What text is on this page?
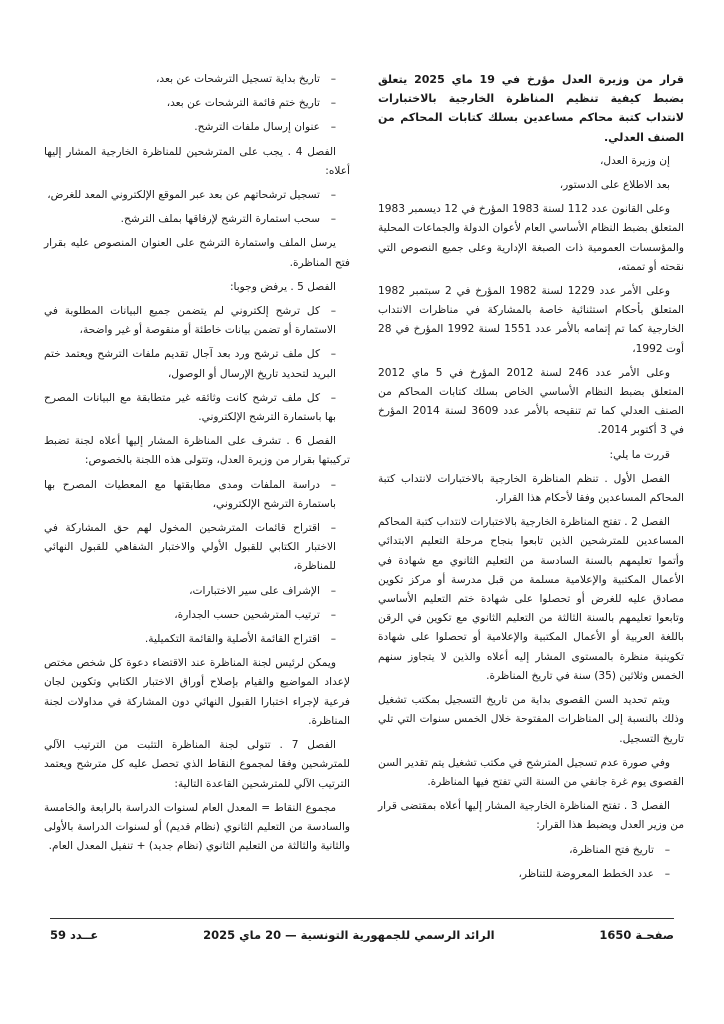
قرار من وزيرة العدل مؤرخ في 19 ماي 2025 يتعلق بضبط كيفية تنظيم المناظرة الخارجية بالاختبارات لانتداب كتبة محاكم مساعدين بسلك كتابات المحاكم من الصنف العدلي.

إن وزيرة العدل،

بعد الاطلاع على الدستور،

وعلى القانون عدد 112 لسنة 1983 المؤرخ في 12 ديسمبر 1983 المتعلق بضبط النظام الأساسي العام لأعوان الدولة والجماعات المحلية والمؤسسات العمومية ذات الصبغة الإدارية وعلى جميع النصوص التي نقحته أو تممته،

وعلى الأمر عدد 1229 لسنة 1982 المؤرخ في 2 سبتمبر 1982 المتعلق بأحكام استثنائية خاصة بالمشاركة في مناظرات الانتداب الخارجية كما تم إتمامه بالأمر عدد 1551 لسنة 1992 المؤرخ في 28 أوت 1992،

وعلى الأمر عدد 246 لسنة 2012 المؤرخ في 5 ماي 2012 المتعلق بضبط النظام الأساسي الخاص بسلك كتابات المحاكم من الصنف العدلي كما تم تنقيحه بالأمر عدد 3609 لسنة 2014 المؤرخ في 3 أكتوبر 2014.

قررت ما يلي:

الفصل الأول . تنظم المناظرة الخارجية بالاختبارات لانتداب كتبة المحاكم المساعدين وفقا لأحكام هذا القرار.

الفصل 2 . تفتح المناظرة الخارجية بالاختبارات لانتداب كتبة المحاكم المساعدين للمترشحين الذين تابعوا بنجاح مرحلة التعليم الابتدائي وأتموا تعليمهم بالسنة السادسة من التعليم الثانوي مع شهادة في الأعمال المكتبية والإعلامية مسلمة من قبل مدرسة أو مركز تكوين مصادق عليه للغرض أو تحصلوا على شهادة ختم التعليم الأساسي وتابعوا تعليمهم بالسنة الثالثة من التعليم الثانوي مع تكوين في الرقن باللغة العربية أو الأعمال المكتبية والإعلامية أو تحصلوا على شهادة تكوينية منظرة بالمستوى المشار إليه أعلاه والذين لا يتجاوز سنهم الخمس وثلاثين (35) سنة في تاريخ المناظرة.

ويتم تحديد السن القصوى بداية من تاريخ التسجيل بمكتب تشغيل وذلك بالنسبة إلى المناظرات المفتوحة خلال الخمس سنوات التي تلي تاريخ التسجيل.

وفي صورة عدم تسجيل المترشح في مكتب تشغيل يتم تقدير السن القصوى يوم غرة جانفي من السنة التي تفتح فيها المناظرة.

الفصل 3 . تفتح المناظرة الخارجية المشار إليها أعلاه بمقتضى قرار من وزير العدل ويضبط هذا القرار:

–تاريخ فتح المناظرة،

–عدد الخطط المعروضة للتناظر،

–تاريخ بداية تسجيل الترشحات عن بعد،

–تاريخ ختم قائمة الترشحات عن بعد،

–عنوان إرسال ملفات الترشح.

الفصل 4 . يجب على المترشحين للمناظرة الخارجية المشار إليها أعلاه:

–تسجيل ترشحاتهم عن بعد عبر الموقع الإلكتروني المعد للغرض،

–سحب استمارة الترشح لإرفاقها بملف الترشح.

يرسل الملف واستمارة الترشح على العنوان المنصوص عليه بقرار فتح المناظرة.

الفصل 5 . يرفض وجوبا:

–كل ترشح إلكتروني لم يتضمن جميع البيانات المطلوبة في الاستمارة أو تضمن بيانات خاطئة أو منقوصة أو غير واضحة،

–كل ملف ترشح ورد بعد آجال تقديم ملفات الترشح ويعتمد ختم البريد لتحديد تاريخ الإرسال أو الوصول،

–كل ملف ترشح كانت وثائقه غير متطابقة مع البيانات المصرح بها باستمارة الترشح الإلكتروني.

الفصل 6 . تشرف على المناظرة المشار إليها أعلاه لجنة تضبط تركيبتها بقرار من وزيرة العدل، وتتولى هذه اللجنة بالخصوص:

–دراسة الملفات ومدى مطابقتها مع المعطيات المصرح بها باستمارة الترشح الإلكتروني،

–اقتراح قائمات المترشحين المخول لهم حق المشاركة في الاختبار الكتابي للقبول الأولي والاختبار الشفاهي للقبول النهائي للمناظرة،

–الإشراف على سير الاختبارات،

–ترتيب المترشحين حسب الجدارة،

–اقتراح القائمة الأصلية والقائمة التكميلية.

ويمكن لرئيس لجنة المناظرة عند الاقتضاء دعوة كل شخص مختص لإعداد المواضيع والقيام بإصلاح أوراق الاختبار الكتابي وتكوين لجان فرعية لإجراء اختبارا القبول النهائي دون المشاركة في مداولات لجنة المناظرة.

الفصل 7 . تتولى لجنة المناظرة التثبت من الترتيب الآلي للمترشحين وفقا لمجموع النقاط الذي تحصل عليه كل مترشح ويعتمد الترتيب الآلي للمترشحين القاعدة التالية:

مجموع النقاط = المعدل العام لسنوات الدراسة بالرابعة والخامسة والسادسة من التعليم الثانوي (نظام قديم) أو لسنوات الدراسة بالأولى والثانية والثالثة من التعليم الثانوي (نظام جديد) + تنفيل المعدل العام.

صفحـة 1650
الرائد الرسمي للجمهورية التونسية — 20 ماي 2025
عــدد 59
